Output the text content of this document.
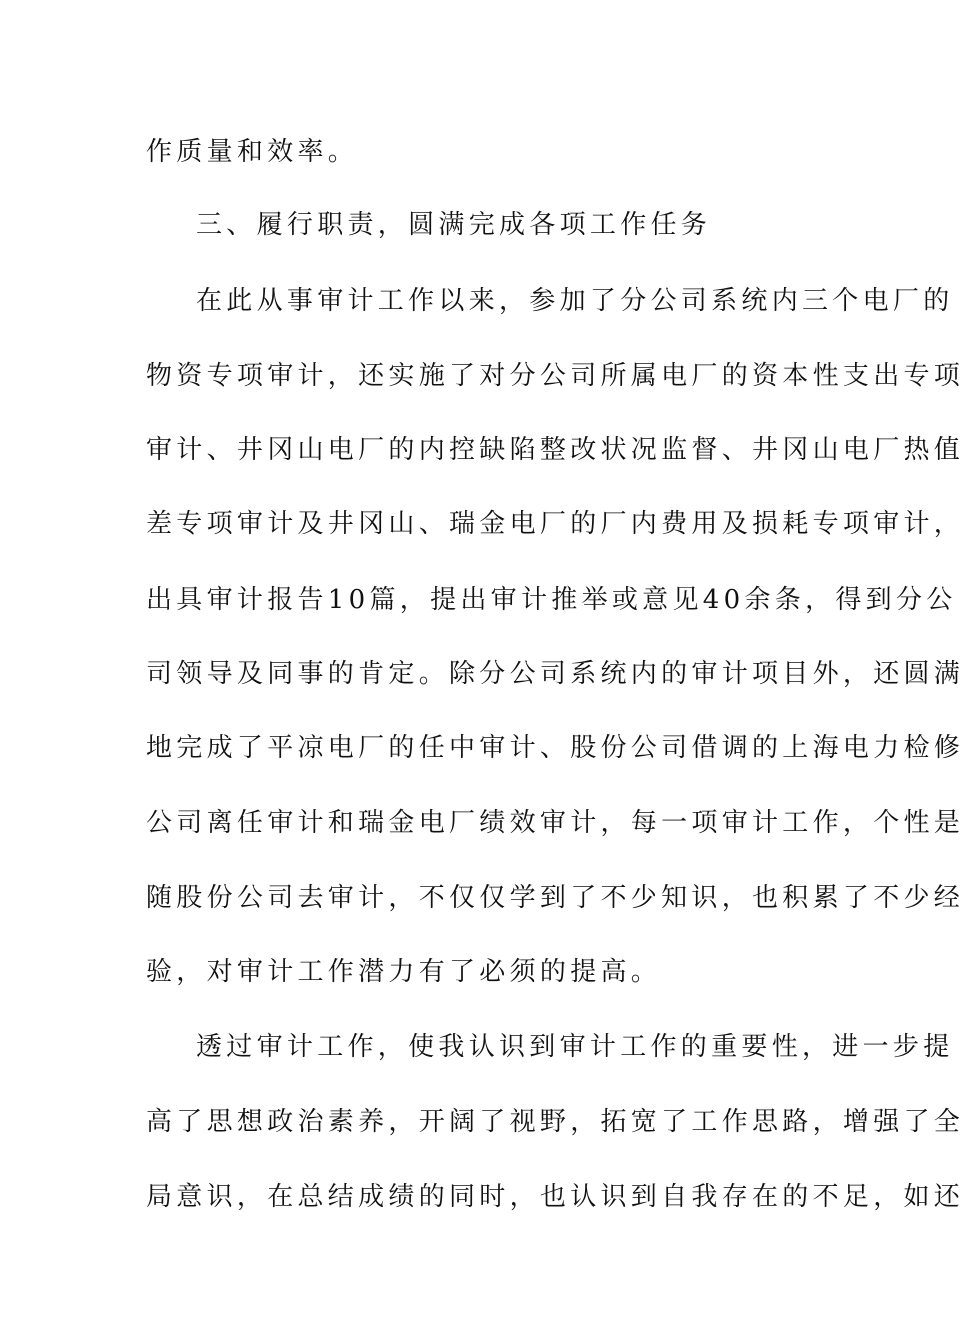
作质量和效率。
三、履行职责，圆满完成各项工作任务
在此从事审计工作以来，参加了分公司系统内三个电厂的
物资专项审计，还实施了对分公司所属电厂的资本性支出专项
审计、井冈山电厂的内控缺陷整改状况监督、井冈山电厂热值
差专项审计及井冈山、瑞金电厂的厂内费用及损耗专项审计，
出具审计报告10篇，提出审计推举或意见40余条，得到分公
司领导及同事的肯定。除分公司系统内的审计项目外，还圆满
地完成了平凉电厂的任中审计、股份公司借调的上海电力检修
公司离任审计和瑞金电厂绩效审计，每一项审计工作，个性是
随股份公司去审计，不仅仅学到了不少知识，也积累了不少经
验，对审计工作潜力有了必须的提高。
透过审计工作，使我认识到审计工作的重要性，进一步提
高了思想政治素养，开阔了视野，拓宽了工作思路，增强了全
局意识，在总结成绩的同时，也认识到自我存在的不足，如还
